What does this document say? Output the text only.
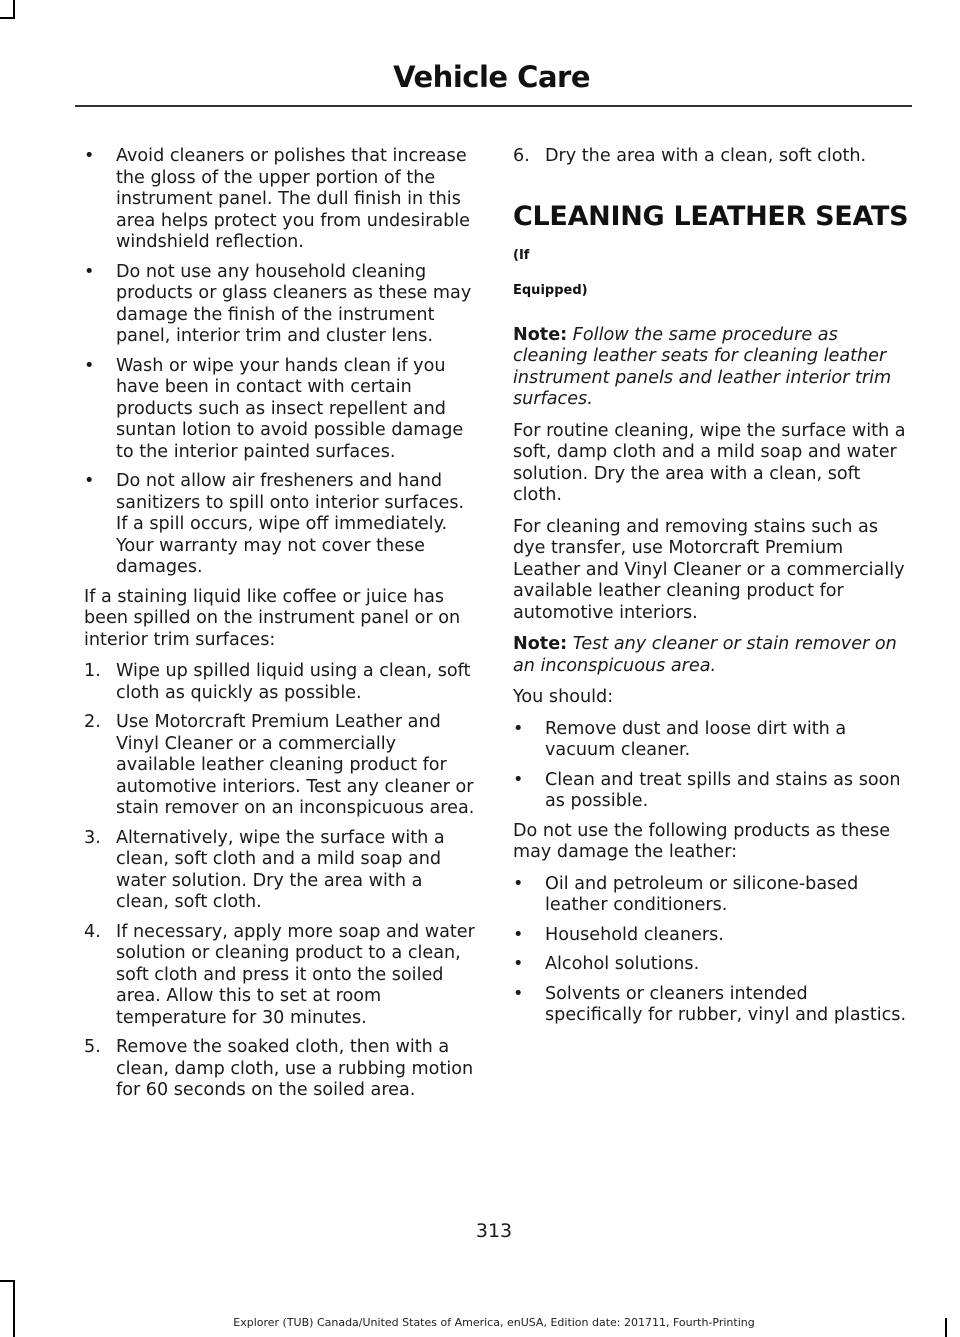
Vehicle Care
•	Avoid cleaners or polishes that increase the gloss of the upper portion of the instrument panel. The dull finish in this area helps protect you from undesirable windshield reflection.
•	Do not use any household cleaning products or glass cleaners as these may damage the finish of the instrument panel, interior trim and cluster lens.
•	Wash or wipe your hands clean if you have been in contact with certain products such as insect repellent and suntan lotion to avoid possible damage to the interior painted surfaces.
•	Do not allow air fresheners and hand sanitizers to spill onto interior surfaces. If a spill occurs, wipe off immediately. Your warranty may not cover these damages.
If a staining liquid like coffee or juice has been spilled on the instrument panel or on interior trim surfaces:
1. Wipe up spilled liquid using a clean, soft cloth as quickly as possible.
2. Use Motorcraft Premium Leather and Vinyl Cleaner or a commercially available leather cleaning product for automotive interiors. Test any cleaner or stain remover on an inconspicuous area.
3. Alternatively, wipe the surface with a clean, soft cloth and a mild soap and water solution. Dry the area with a clean, soft cloth.
4. If necessary, apply more soap and water solution or cleaning product to a clean, soft cloth and press it onto the soiled area. Allow this to set at room temperature for 30 minutes.
5. Remove the soaked cloth, then with a clean, damp cloth, use a rubbing motion for 60 seconds on the soiled area.
6. Dry the area with a clean, soft cloth.
CLEANING LEATHER SEATS (If
Equipped)
Note: Follow the same procedure as cleaning leather seats for cleaning leather instrument panels and leather interior trim surfaces.
For routine cleaning, wipe the surface with a soft, damp cloth and a mild soap and water solution. Dry the area with a clean, soft cloth.
For cleaning and removing stains such as dye transfer, use Motorcraft Premium Leather and Vinyl Cleaner or a commercially available leather cleaning product for automotive interiors.
Note: Test any cleaner or stain remover on an inconspicuous area.
You should:
•	Remove dust and loose dirt with a vacuum cleaner.
•	Clean and treat spills and stains as soon as possible.
Do not use the following products as these may damage the leather:
•	Oil and petroleum or silicone-based leather conditioners.
•	Household cleaners.
•	Alcohol solutions.
•	Solvents or cleaners intended specifically for rubber, vinyl and plastics.
313
Explorer (TUB) Canada/United States of America, enUSA, Edition date: 201711, Fourth-Printing
